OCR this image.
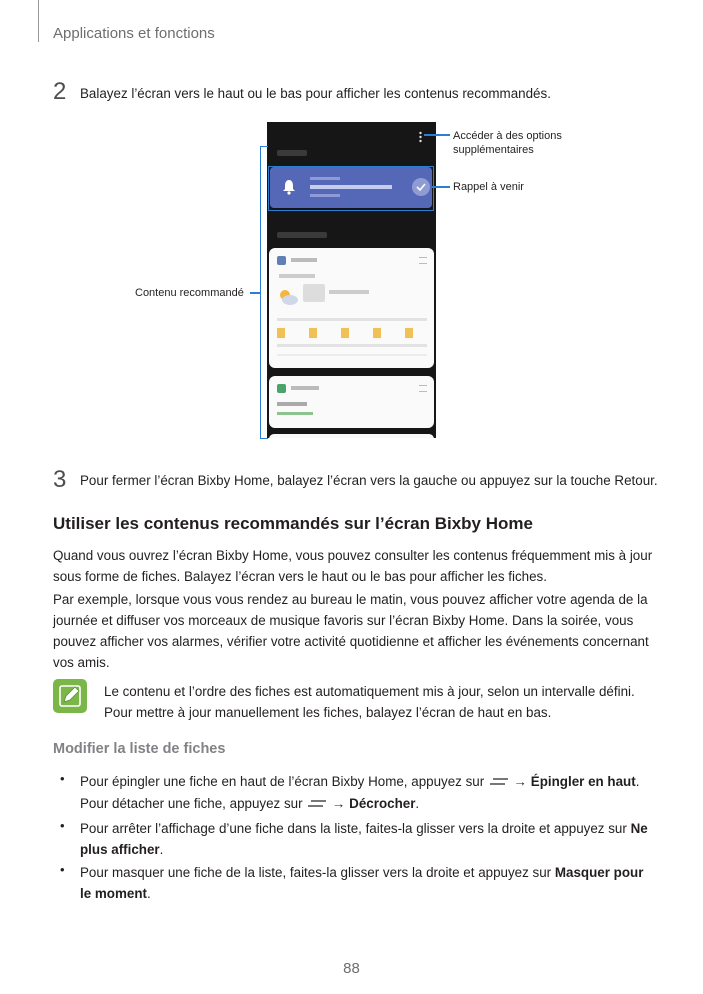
Applications et fonctions
2 Balayez l’écran vers le haut ou le bas pour afficher les contenus recommandés.
Accéder à des options supplémentaires
Rappel à venir
Contenu recommandé
3 Pour fermer l’écran Bixby Home, balayez l’écran vers la gauche ou appuyez sur la touche Retour.
Utiliser les contenus recommandés sur l’écran Bixby Home
Quand vous ouvrez l’écran Bixby Home, vous pouvez consulter les contenus fréquemment mis à jour sous forme de fiches. Balayez l’écran vers le haut ou le bas pour afficher les fiches.
Par exemple, lorsque vous vous rendez au bureau le matin, vous pouvez afficher votre agenda de la journée et diffuser vos morceaux de musique favoris sur l’écran Bixby Home. Dans la soirée, vous pouvez afficher vos alarmes, vérifier votre activité quotidienne et afficher les événements concernant vos amis.
Le contenu et l’ordre des fiches est automatiquement mis à jour, selon un intervalle défini. Pour mettre à jour manuellement les fiches, balayez l’écran de haut en bas.
Modifier la liste de fiches
• Pour épingler une fiche en haut de l’écran Bixby Home, appuyez sur → Épingler en haut.
Pour détacher une fiche, appuyez sur → Décrocher.
• Pour arrêter l’affichage d’une fiche dans la liste, faites-la glisser vers la droite et appuyez sur Ne plus afficher.
• Pour masquer une fiche de la liste, faites-la glisser vers la droite et appuyez sur Masquer pour le moment.
88
